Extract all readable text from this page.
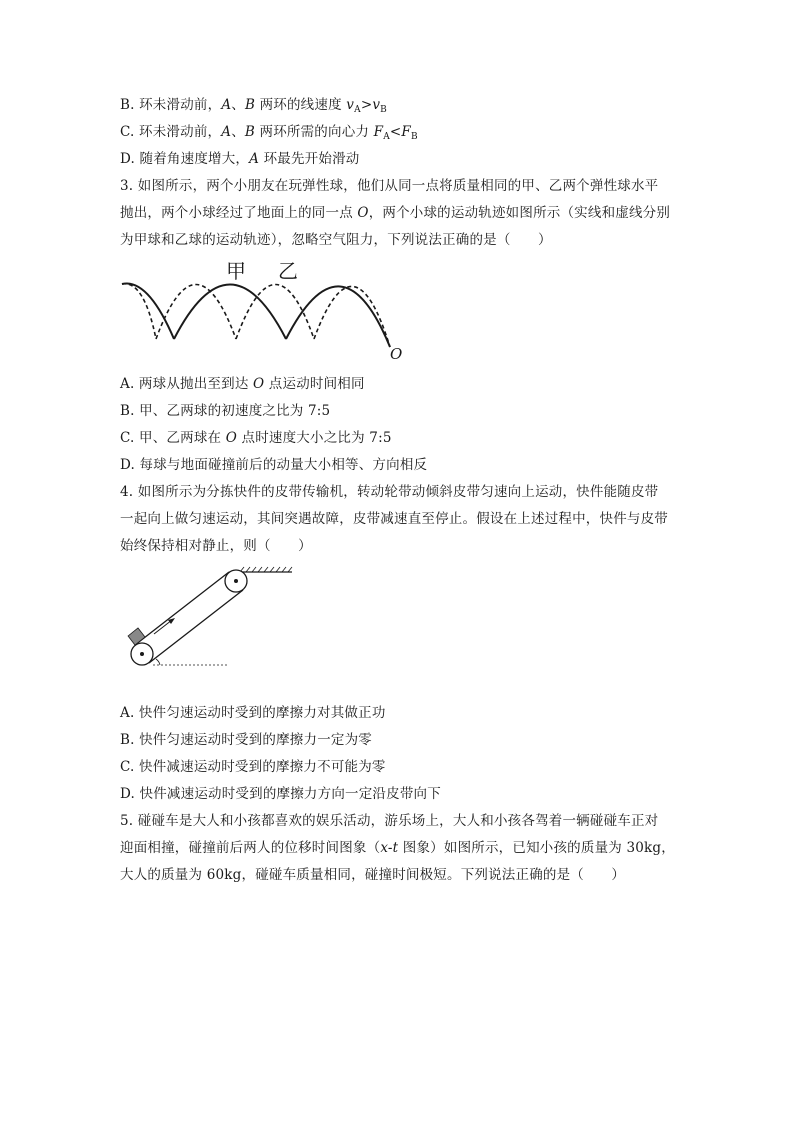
B. 环未滑动前，A、B 两环的线速度 $v_A>v_B$
C. 环未滑动前，A、B 两环所需的向心力 $F_A<F_B$
D. 随着角速度增大，A 环最先开始滑动
3. 如图所示，两个小朋友在玩弹性球，他们从同一点将质量相同的甲、乙两个弹性球水平
抛出，两个小球经过了地面上的同一点 O，两个小球的运动轨迹如图所示（实线和虚线分别
为甲球和乙球的运动轨迹），忽略空气阻力，下列说法正确的是（　　）
甲 乙
O
A. 两球从抛出至到达 O 点运动时间相同
B. 甲、乙两球的初速度之比为 7:5
C. 甲、乙两球在 O 点时速度大小之比为 7:5
D. 每球与地面碰撞前后的动量大小相等、方向相反
4. 如图所示为分拣快件的皮带传输机，转动轮带动倾斜皮带匀速向上运动，快件能随皮带
一起向上做匀速运动，其间突遇故障，皮带减速直至停止。假设在上述过程中，快件与皮带
始终保持相对静止，则（　　）
A. 快件匀速运动时受到的摩擦力对其做正功
B. 快件匀速运动时受到的摩擦力一定为零
C. 快件减速运动时受到的摩擦力不可能为零
D. 快件减速运动时受到的摩擦力方向一定沿皮带向下
5. 碰碰车是大人和小孩都喜欢的娱乐活动，游乐场上，大人和小孩各驾着一辆碰碰车正对
迎面相撞，碰撞前后两人的位移时间图象（x-t 图象）如图所示，已知小孩的质量为 30kg，
大人的质量为 60kg，碰碰车质量相同，碰撞时间极短。下列说法正确的是（　　）
